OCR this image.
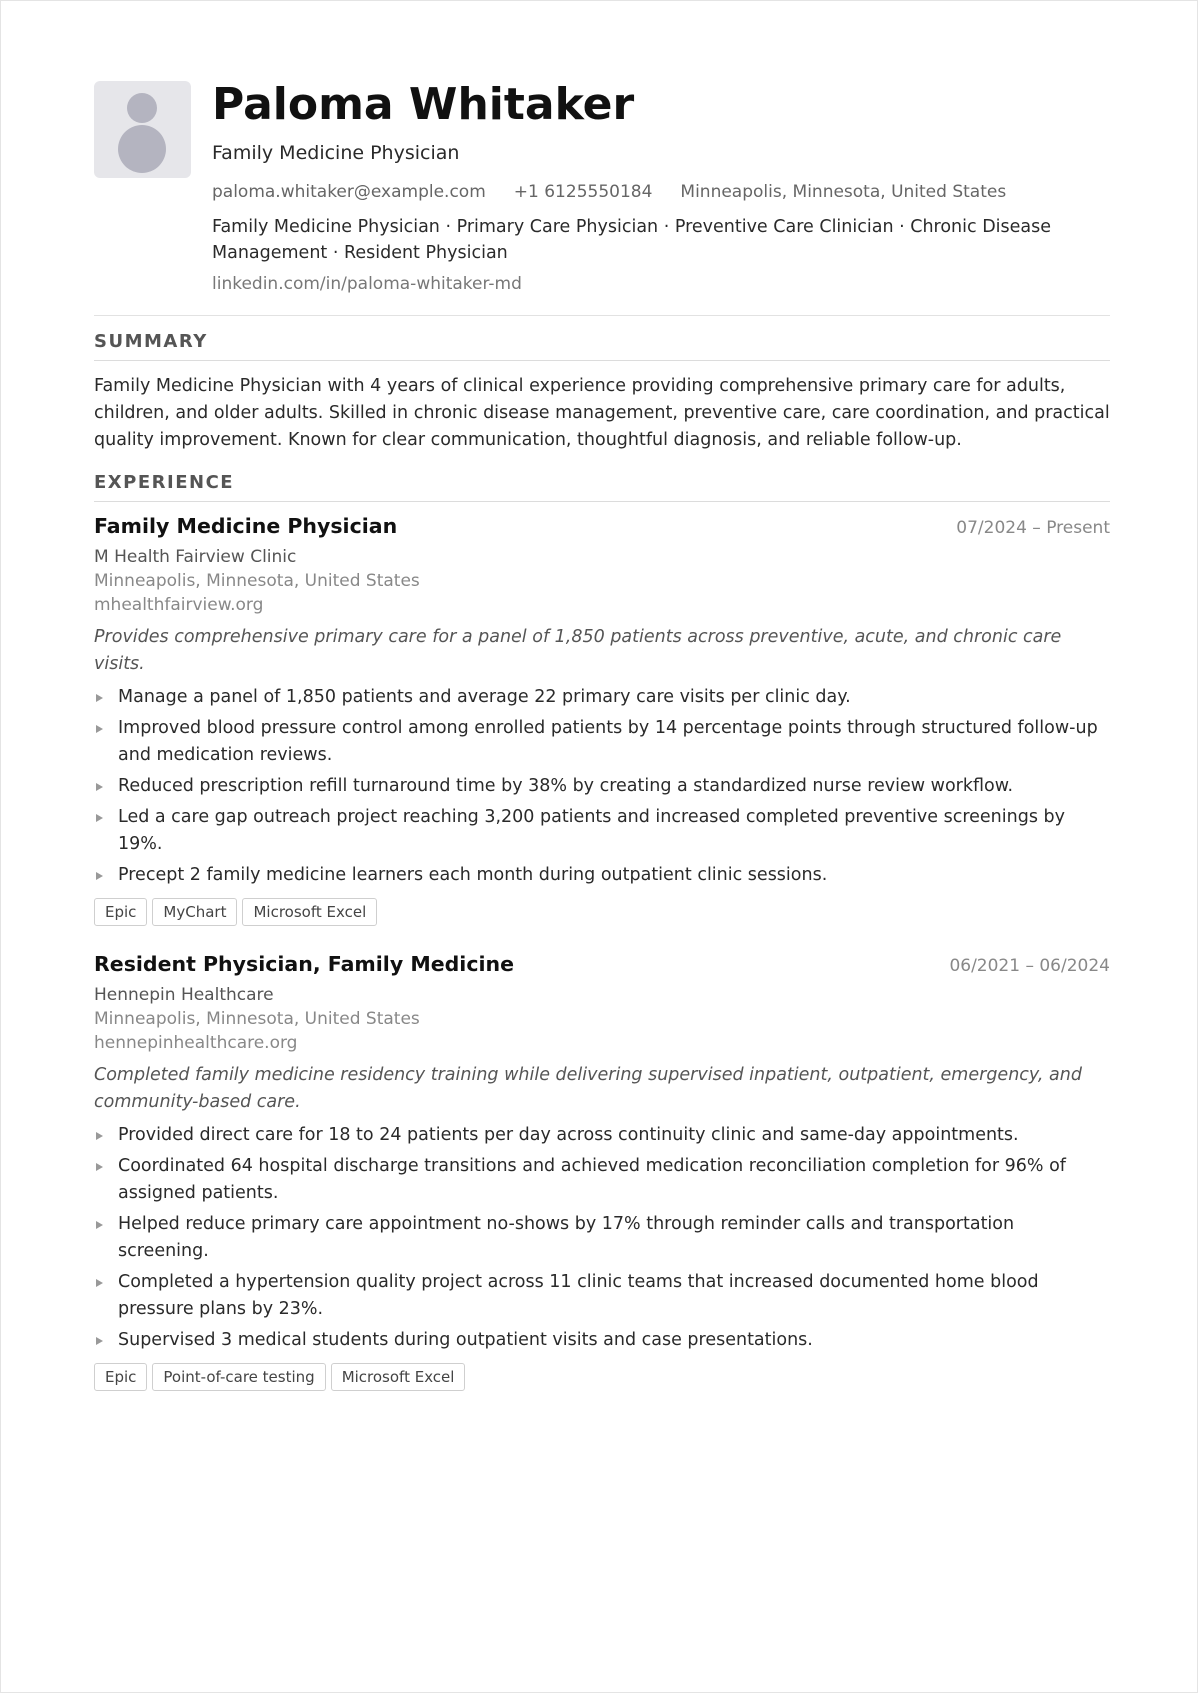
Paloma Whitaker
Family Medicine Physician
paloma.whitaker@example.com +1 6125550184 Minneapolis, Minnesota, United States
Family Medicine Physician · Primary Care Physician · Preventive Care Clinician · Chronic Disease Management · Resident Physician
linkedin.com/in/paloma-whitaker-md
SUMMARY
Family Medicine Physician with 4 years of clinical experience providing comprehensive primary care for adults, children, and older adults. Skilled in chronic disease management, preventive care, care coordination, and practical quality improvement. Known for clear communication, thoughtful diagnosis, and reliable follow-up.
EXPERIENCE
Family Medicine Physician	07/2024 – Present
M Health Fairview Clinic
Minneapolis, Minnesota, United States
mhealthfairview.org
Provides comprehensive primary care for a panel of 1,850 patients across preventive, acute, and chronic care visits.
Manage a panel of 1,850 patients and average 22 primary care visits per clinic day.
Improved blood pressure control among enrolled patients by 14 percentage points through structured follow-up and medication reviews.
Reduced prescription refill turnaround time by 38% by creating a standardized nurse review workflow.
Led a care gap outreach project reaching 3,200 patients and increased completed preventive screenings by 19%.
Precept 2 family medicine learners each month during outpatient clinic sessions.
Epic	MyChart	Microsoft Excel
Resident Physician, Family Medicine	06/2021 – 06/2024
Hennepin Healthcare
Minneapolis, Minnesota, United States
hennepinhealthcare.org
Completed family medicine residency training while delivering supervised inpatient, outpatient, emergency, and community-based care.
Provided direct care for 18 to 24 patients per day across continuity clinic and same-day appointments.
Coordinated 64 hospital discharge transitions and achieved medication reconciliation completion for 96% of assigned patients.
Helped reduce primary care appointment no-shows by 17% through reminder calls and transportation screening.
Completed a hypertension quality project across 11 clinic teams that increased documented home blood pressure plans by 23%.
Supervised 3 medical students during outpatient visits and case presentations.
Epic	Point-of-care testing	Microsoft Excel
